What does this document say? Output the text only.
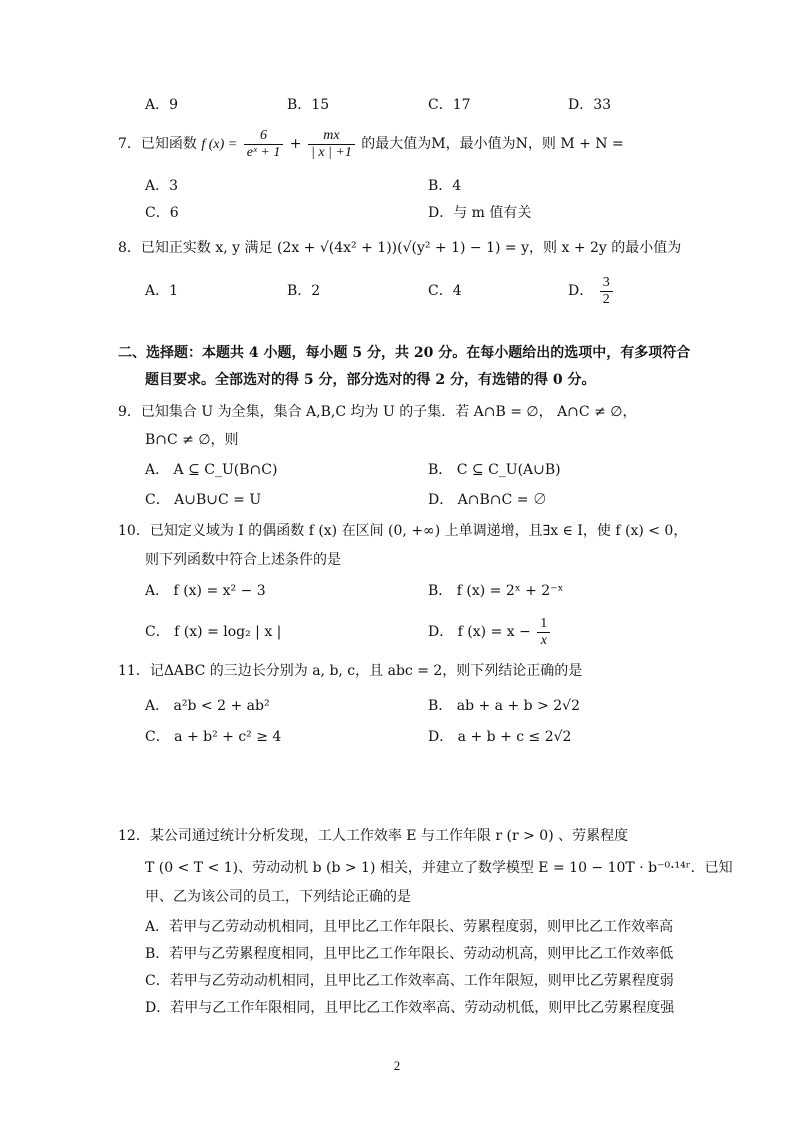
A．9	B．15	C．17	D．33
7．已知函数 f $(x) = \frac{6}{\text{eˣ + 1}} + \frac{mx}{| x | +1}$ 的最大值为M，最小值为N，则 M + N =
A．3	B．4
C．6	D．与 m 值有关
8．已知正实数 x, y 满足 (2x + √(4x² + 1))(√(y² + 1) − 1) = y，则 x + 2y 的最小值为
A．1	B．2	C．4	D． $\frac{3}{2}$
二、选择题：本题共 4 小题，每小题 5 分，共 20 分。在每小题给出的选项中，有多项符合
题目要求。全部选对的得 5 分，部分选对的得 2 分，有选错的得 0 分。
9．已知集合 U 为全集，集合 A,B,C 均为 U 的子集．若 A∩B = ∅， A∩C ≠ ∅，
B∩C ≠ ∅，则
A． A ⊆ C_U(B∩C)	B． C ⊆ C_U(A∪B)
C． A∪B∪C = U	D． A∩B∩C = ∅
10．已知定义域为 I 的偶函数 f (x) 在区间 (0, +∞) 上单调递增，且∃x ∈ I，使 f (x) < 0，
则下列函数中符合上述条件的是
A． f (x) = x² − 3	B． f (x) = 2ˣ + 2⁻ˣ
C． f (x) = log₂ | x |	D． f $(x) = x - \frac{1}{x}$
11．记ΔABC 的三边长分别为 a, b, c，且 abc = 2，则下列结论正确的是
A． a²b < 2 + ab²	B． ab + a + b > 2√2
C． a + b² + c² ≥ 4	D． a + b + c ≤ 2√2
12．某公司通过统计分析发现，工人工作效率 E 与工作年限 r (r > 0) 、劳累程度
T (0 < T < 1)、劳动动机 b (b > 1) 相关，并建立了数学模型 E = 10 − 10T · b⁻⁰·¹⁴ʳ．已知
甲、乙为该公司的员工，下列结论正确的是
A．若甲与乙劳动动机相同，且甲比乙工作年限长、劳累程度弱，则甲比乙工作效率高
B．若甲与乙劳累程度相同，且甲比乙工作年限长、劳动动机高，则甲比乙工作效率低
C．若甲与乙劳动动机相同，且甲比乙工作效率高、工作年限短，则甲比乙劳累程度弱
D．若甲与乙工作年限相同，且甲比乙工作效率高、劳动动机低，则甲比乙劳累程度强
2
